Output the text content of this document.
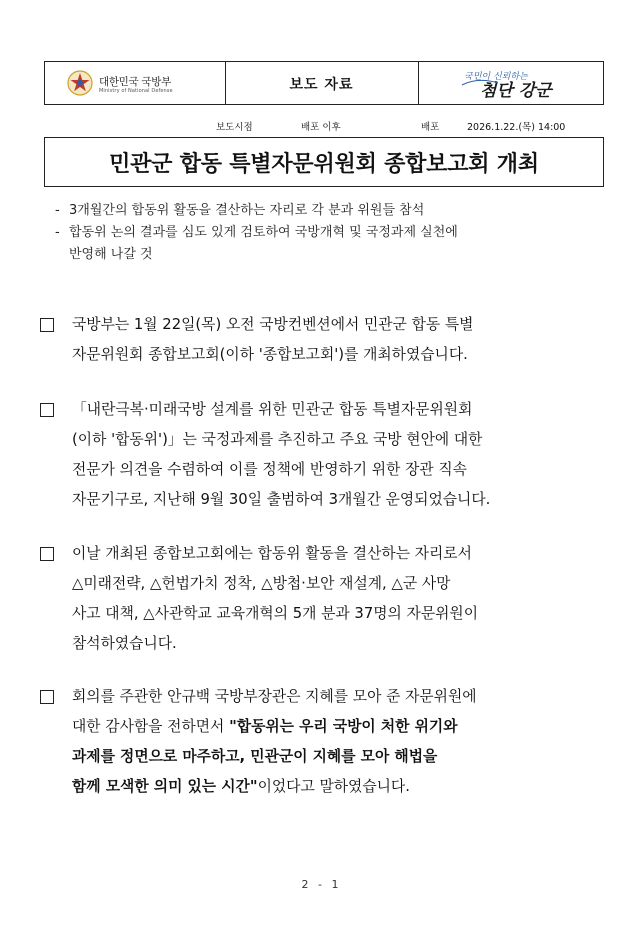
대한민국 국방부
Ministry of National Defense	보도 자료	국민이 신뢰하는
첨단 강군
보도시점	배포 이후	배포	2026.1.22.(목) 14:00
민관군 합동 특별자문위원회 종합보고회 개최
- 3개월간의 합동위 활동을 결산하는 자리로 각 분과 위원들 참석
- 합동위 논의 결과를 심도 있게 검토하여 국방개혁 및 국정과제 실천에
반영해 나갈 것
국방부는 1월 22일(목) 오전 국방컨벤션에서 민관군 합동 특별
자문위원회 종합보고회(이하 '종합보고회')를 개최하였습니다.
「내란극복·미래국방 설계를 위한 민관군 합동 특별자문위원회
(이하 '합동위')」는 국정과제를 추진하고 주요 국방 현안에 대한
전문가 의견을 수렴하여 이를 정책에 반영하기 위한 장관 직속
자문기구로, 지난해 9월 30일 출범하여 3개월간 운영되었습니다.
이날 개최된 종합보고회에는 합동위 활동을 결산하는 자리로서
△미래전략, △헌법가치 정착, △방첩·보안 재설계, △군 사망
사고 대책, △사관학교 교육개혁의 5개 분과 37명의 자문위원이
참석하였습니다.
회의를 주관한 안규백 국방부장관은 지혜를 모아 준 자문위원에
대한 감사함을 전하면서 "합동위는 우리 국방이 처한 위기와
과제를 정면으로 마주하고, 민관군이 지혜를 모아 해법을
함께 모색한 의미 있는 시간"이었다고 말하였습니다.
2 - 1
